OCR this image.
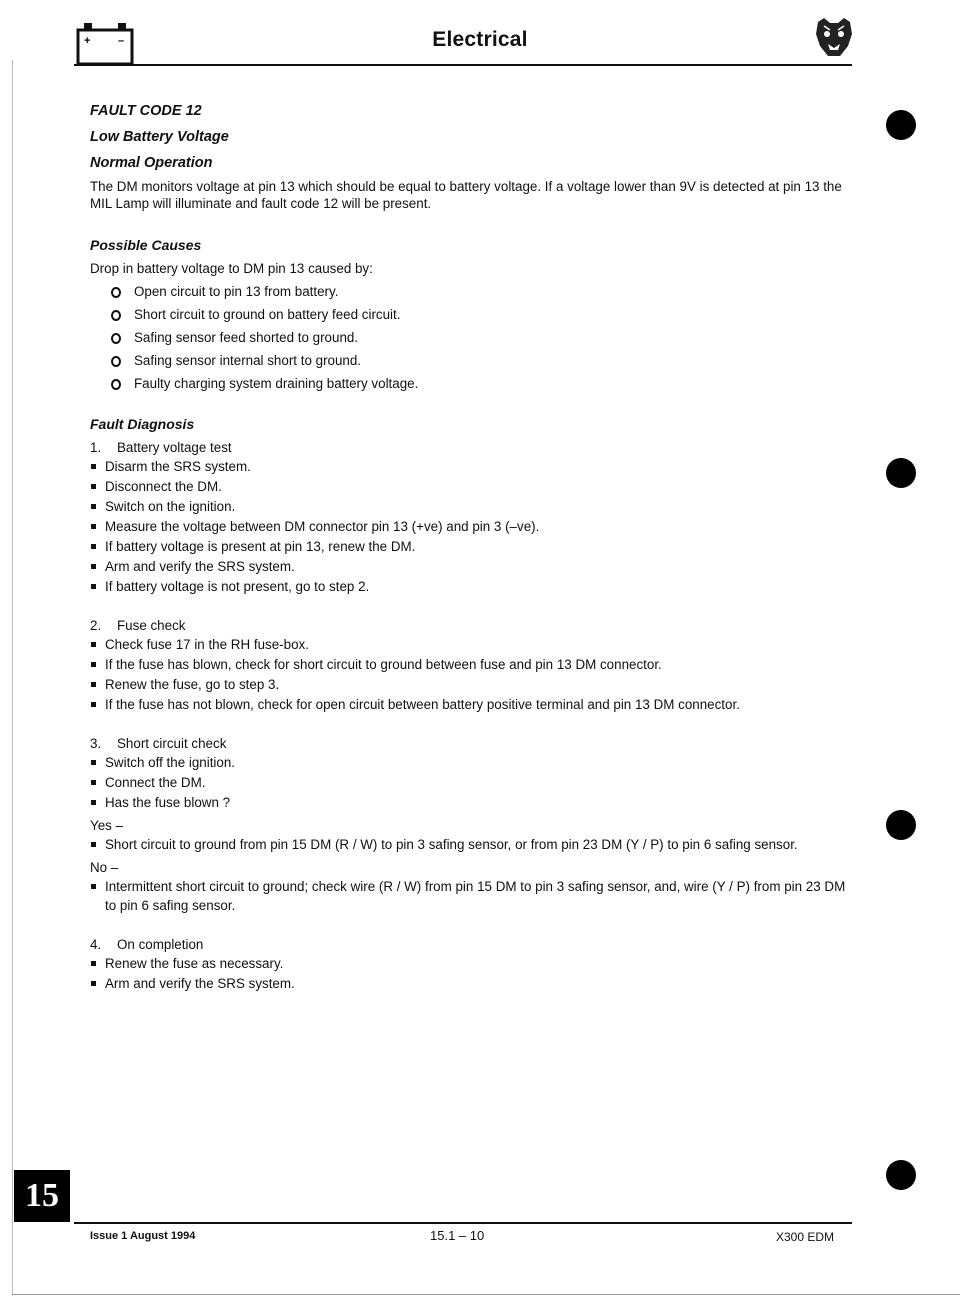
+	–	Electrical

FAULT CODE 12

Low Battery Voltage

Normal Operation

The DM monitors voltage at pin 13 which should be equal to battery voltage. If a voltage lower than 9V is detected at pin 13 the MIL Lamp will illuminate and fault code 12 will be present.

Possible Causes

Drop in battery voltage to DM pin 13 caused by:

Open circuit to pin 13 from battery.
Short circuit to ground on battery feed circuit.
Safing sensor feed shorted to ground.
Safing sensor internal short to ground.
Faulty charging system draining battery voltage.

Fault Diagnosis

1. Battery voltage test

Disarm the SRS system.
Disconnect the DM.
Switch on the ignition.
Measure the voltage between DM connector pin 13 (+ve) and pin 3 (–ve).
If battery voltage is present at pin 13, renew the DM.
Arm and verify the SRS system.
If battery voltage is not present, go to step 2.

2. Fuse check

Check fuse 17 in the RH fuse-box.
If the fuse has blown, check for short circuit to ground between fuse and pin 13 DM connector.
Renew the fuse, go to step 3.
If the fuse has not blown, check for open circuit between battery positive terminal and pin 13 DM connector.

3. Short circuit check

Switch off the ignition.
Connect the DM.
Has the fuse blown ?

Yes –

Short circuit to ground from pin 15 DM (R / W) to pin 3 safing sensor, or from pin 23 DM (Y / P) to pin 6 safing sensor.

No –

Intermittent short circuit to ground; check wire (R / W) from pin 15 DM to pin 3 safing sensor, and, wire (Y / P) from pin 23 DM to pin 6 safing sensor.

4. On completion

Renew the fuse as necessary.
Arm and verify the SRS system.
15
Issue 1 August 1994	15.1 – 10	X300 EDM
